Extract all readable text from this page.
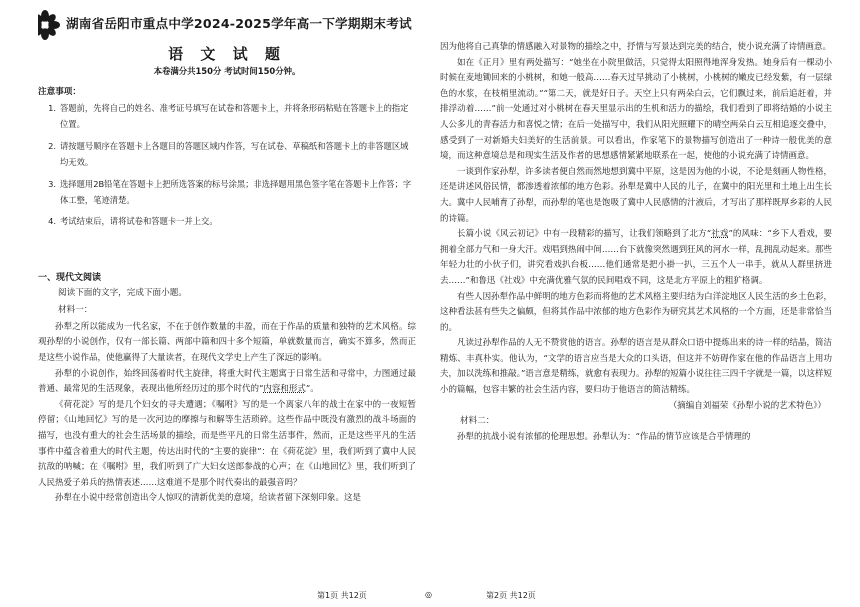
湖南省岳阳市重点中学2024-2025学年高一下学期期末考试
语 文 试 题
本卷满分共150分 考试时间150分钟。
注意事项：
1. 答题前，先将自己的姓名、准考证号填写在试卷和答题卡上，并将条形码粘贴在答题卡上的指定位置。
2. 请按题号顺序在答题卡上各题目的答题区域内作答，写在试卷、草稿纸和答题卡上的非答题区域均无效。
3. 选择题用2B铅笔在答题卡上把所选答案的标号涂黑；非选择题用黑色签字笔在答题卡上作答；字体工整，笔迹清楚。
4. 考试结束后，请将试卷和答题卡一并上交。
一、现代文阅读
阅读下面的文字，完成下面小题。
材料一：

孙犁之所以能成为一代名家，不在于创作数量的丰盈，而在于作品的质量和独特的艺术风格。综观孙犁的小说创作，仅有一部长篇、两部中篇和四十多个短篇，单就数量而言，确实不算多，然而正是这些小说作品，使他赢得了大量读者，在现代文学史上产生了深远的影响。

孙犁的小说创作，始终回荡着时代主旋律，将重大时代主题寓于日常生活和寻常中，力图通过最普通、最常见的生活现象，表现出他所经历过的那个时代的“内容和形式”。

《荷花淀》写的是几个妇女的寻夫遭遇；《嘱咐》写的是一个离家八年的战士在家中的一夜短暂停留；《山地回忆》写的是一次河边的摩擦与和解等生活琐碎。这些作品中既没有激烈的战斗场面的描写，也没有重大的社会生活场景的描绘，而是些平凡的日常生活事件，然而，正是这些平凡的生活事件中蕴含着重大的时代主题，传达出时代的“主要的旋律”：在《荷花淀》里，我们听到了冀中人民抗敌的呐喊；在《嘱咐》里，我们听到了广大妇女送郎参战的心声；在《山地回忆》里，我们听到了人民热爱子弟兵的热情表述……这难道不是那个时代奏出的最强音吗？

孙犁在小说中经常创造出令人惊叹的清新优美的意境，给读者留下深刻印象。这是

因为他将自己真挚的情感融入对景物的描绘之中，抒情与写景达到完美的结合，使小说充满了诗情画意。

如在《正月》里有两处描写：“她坐在小院里做活，只觉得太阳照得地浑身发热。她身后有一棵动小时候在麦地锄回来的小桃树，和她一般高……春天过早挑动了小桃树，小桃树的嫩皮已经发紫，有一层绿色的水浆，在枝梢里流动。”“第二天，就是好日子。天空上只有两朵白云，它们飘过来，前后追赶着，并排浮动着……”前一处通过对小桃树在春天里显示出的生机和活力的描绘，我们看到了即将结婚的小说主人公多儿的青春活力和喜悦之情；在后一处描写中，我们从阳光照耀下的晴空两朵白云互相追逐交叠中，感受到了一对新婚夫妇美好的生活前景。可以看出，作家笔下的景物描写创造出了一种诗一般优美的意境，而这种意境总是和现实生活及作者的思想感情紧紧地联系在一起，使他的小说充满了诗情画意。

一谈到作家孙犁，许多读者便自然而然地想到冀中平原，这是因为他的小说，不论是刻画人物性格，还是讲述风俗民情，都渗透着浓郁的地方色彩。孙犁是冀中人民的儿子，在冀中的阳光里和土地上出生长大。冀中人民哺育了孙犁，而孙犁的笔也是饱吸了冀中人民感情的汁液后，才写出了那样既厚乡彩的人民的诗篇。

长篇小说《风云初记》中有一段精彩的描写，让我们领略到了北方“社戏”的风味：“乡下人看戏，要拥着全部力气和一身大汗。戏唱到热闹中间……台下就像突然遇到狂风的河水一样，乱拥乱动起来。那些年轻力壮的小伙子们，讲究看戏扒台板……他们通常是把小褂一扒，三五个人一串手，就从人群里挤进去……”和鲁迅《社戏》中充满优雅气氛的民间唱戏不同，这是北方平原上的粗犷格调。

有些人因孙犁作品中鲜明的地方色彩而将他的艺术风格主要归结为白洋淀地区人民生活的乡土色彩，这种看法甚有些失之偏颇，但将其作品中浓郁的地方色彩作为研究其艺术风格的一个方面，还是非常恰当的。

凡读过孙犁作品的人无不赞赏他的语言。孙犁的语言是从群众口语中提炼出来的诗一样的结晶，简洁精炼、丰真朴实。他认为，“文学的语言应当是大众的口头语，但这并不妨碍作家在他的作品语言上用功夫，加以洗练和推敲。”语言意是精练，就愈有表现力。孙犁的短篇小说往往三四千字就是一篇，以这样短小的篇幅，包容丰繁的社会生活内容，要归功于他语言的简洁精练。

（摘编自刘福荣《孙犁小说的艺术特色》）
材料二：

孙犁的抗战小说有浓郁的伦理思想。孙犁认为：“作品的情节应该是合乎情理的

第1页 共12页	◎	第2页 共12页
